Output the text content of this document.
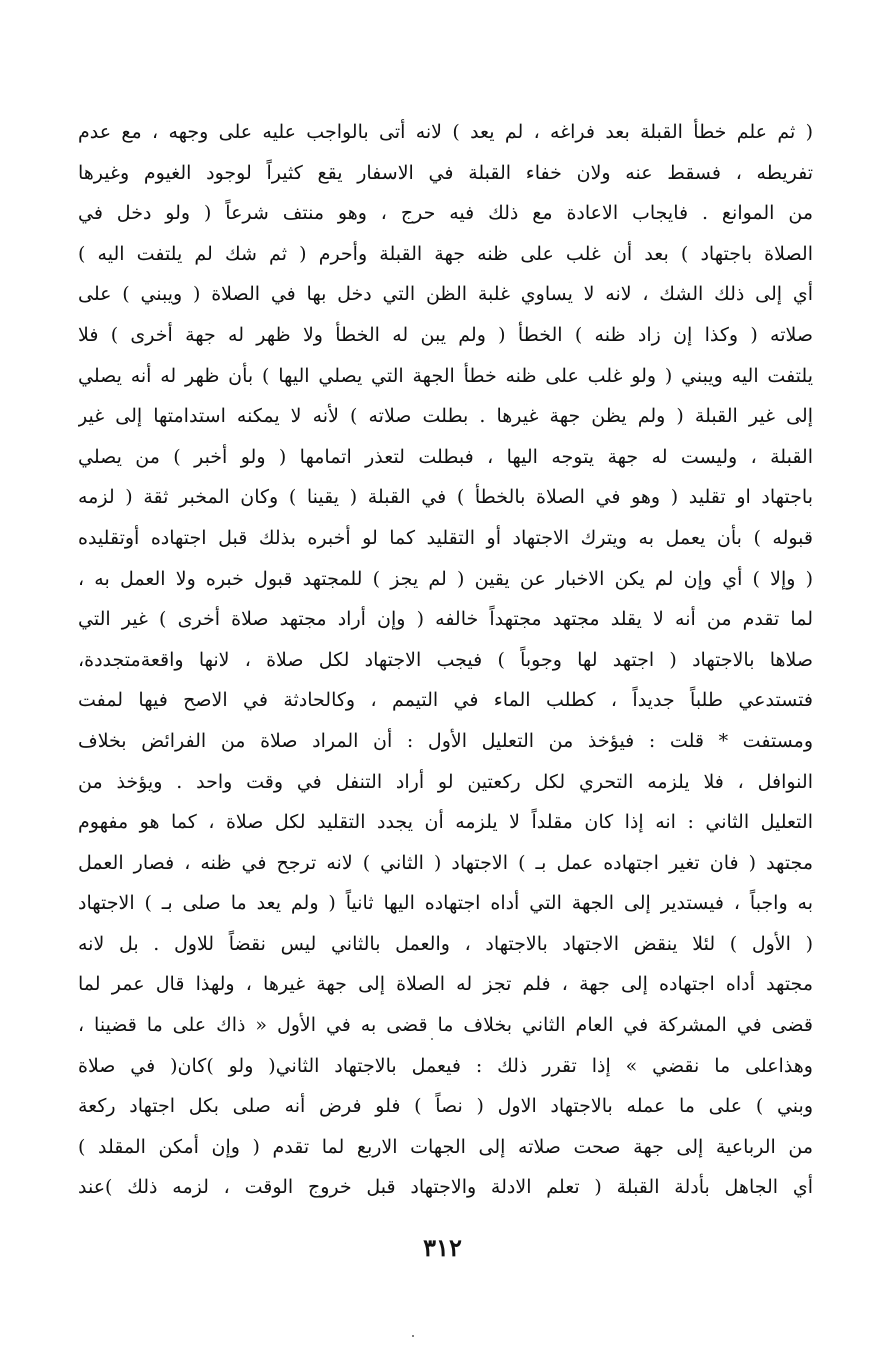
( ثم علم خطأ القبلة بعد فراغه ، لم يعد ) لانه أتى بالواجب عليه على وجهه ، مع عدم
تفريطه ، فسقط عنه ولان خفاء القبلة في الاسفار يقع كثيراً لوجود الغيوم وغيرها
من الموانع . فايجاب الاعادة مع ذلك فيه حرج ، وهو منتف شرعاً ( ولو دخل في
الصلاة باجتهاد ) بعد أن غلب على ظنه جهة القبلة وأحرم ( ثم شك لم يلتفت اليه )
أي إلى ذلك الشك ، لانه لا يساوي غلبة الظن التي دخل بها في الصلاة ( ويبني ) على
صلاته ( وكذا إن زاد ظنه ) الخطأ ( ولم يبن له الخطأ ولا ظهر له جهة أخرى ) فلا
يلتفت اليه ويبني ( ولو غلب على ظنه خطأ الجهة التي يصلي اليها ) بأن ظهر له أنه يصلي
إلى غير القبلة ( ولم يظن جهة غيرها . بطلت صلاته ) لأنه لا يمكنه استدامتها إلى غير
القبلة ، وليست له جهة يتوجه اليها ، فبطلت لتعذر اتمامها ( ولو أخبر ) من يصلي
باجتهاد او تقليد ( وهو في الصلاة بالخطأ ) في القبلة ( يقينا ) وكان المخبر ثقة ( لزمه
قبوله ) بأن يعمل به ويترك الاجتهاد أو التقليد كما لو أخبره بذلك قبل اجتهاده أوتقليده
( وإلا ) أي وإن لم يكن الاخبار عن يقين ( لم يجز ) للمجتهد قبول خبره ولا العمل به ،
لما تقدم من أنه لا يقلد مجتهد مجتهداً خالفه ( وإن أراد مجتهد صلاة أخرى ) غير التي
صلاها بالاجتهاد ( اجتهد لها وجوباً ) فيجب الاجتهاد لكل صلاة ، لانها واقعةمتجددة،
فتستدعي طلباً جديداً ، كطلب الماء في التيمم ، وكالحادثة في الاصح فيها لمفت
ومستفت * قلت : فيؤخذ من التعليل الأول : أن المراد صلاة من الفرائض بخلاف
النوافل ، فلا يلزمه التحري لكل ركعتين لو أراد التنفل في وقت واحد . ويؤخذ من
التعليل الثاني : انه إذا كان مقلداً لا يلزمه أن يجدد التقليد لكل صلاة ، كما هو مفهوم
مجتهد ( فان تغير اجتهاده عمل بـ ) الاجتهاد ( الثاني ) لانه ترجح في ظنه ، فصار العمل
به واجباً ، فيستدير إلى الجهة التي أداه اجتهاده اليها ثانياً ( ولم يعد ما صلى بـ ) الاجتهاد
( الأول ) لئلا ينقض الاجتهاد بالاجتهاد ، والعمل بالثاني ليس نقضاً للاول . بل لانه
مجتهد أداه اجتهاده إلى جهة ، فلم تجز له الصلاة إلى جهة غيرها ، ولهذا قال عمر لما
قضى في المشركة في العام الثاني بخلاف ما قضى به في الأول « ذاك على ما قضينا ،
وهذاعلى ما نقضي » إذا تقرر ذلك : فيعمل بالاجتهاد الثاني( ولو )كان( في صلاة
وبني ) على ما عمله بالاجتهاد الاول ( نصاً ) فلو فرض أنه صلى بكل اجتهاد ركعة
من الرباعية إلى جهة صحت صلاته إلى الجهات الاربع لما تقدم ( وإن أمكن المقلد )
أي الجاهل بأدلة القبلة ( تعلم الادلة والاجتهاد قبل خروج الوقت ، لزمه ذلك )عند
٣١٢
